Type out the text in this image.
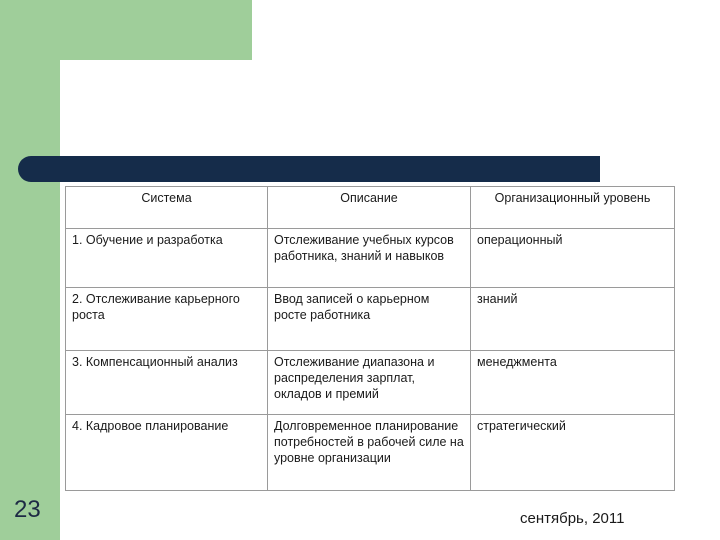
Система	Описание	Организационный уровень
1. Обучение и разработка	Отслеживание учебных курсов работника, знаний и навыков	операционный
2. Отслеживание карьерного роста	Ввод записей о карьерном росте работника	знаний
3. Компенсационный анализ	Отслеживание диапазона и распределения зарплат, окладов и премий	менеджмента
4. Кадровое планирование	Долговременное планирование потребностей в рабочей силе на уровне организации	стратегический
23	сентябрь, 2011
